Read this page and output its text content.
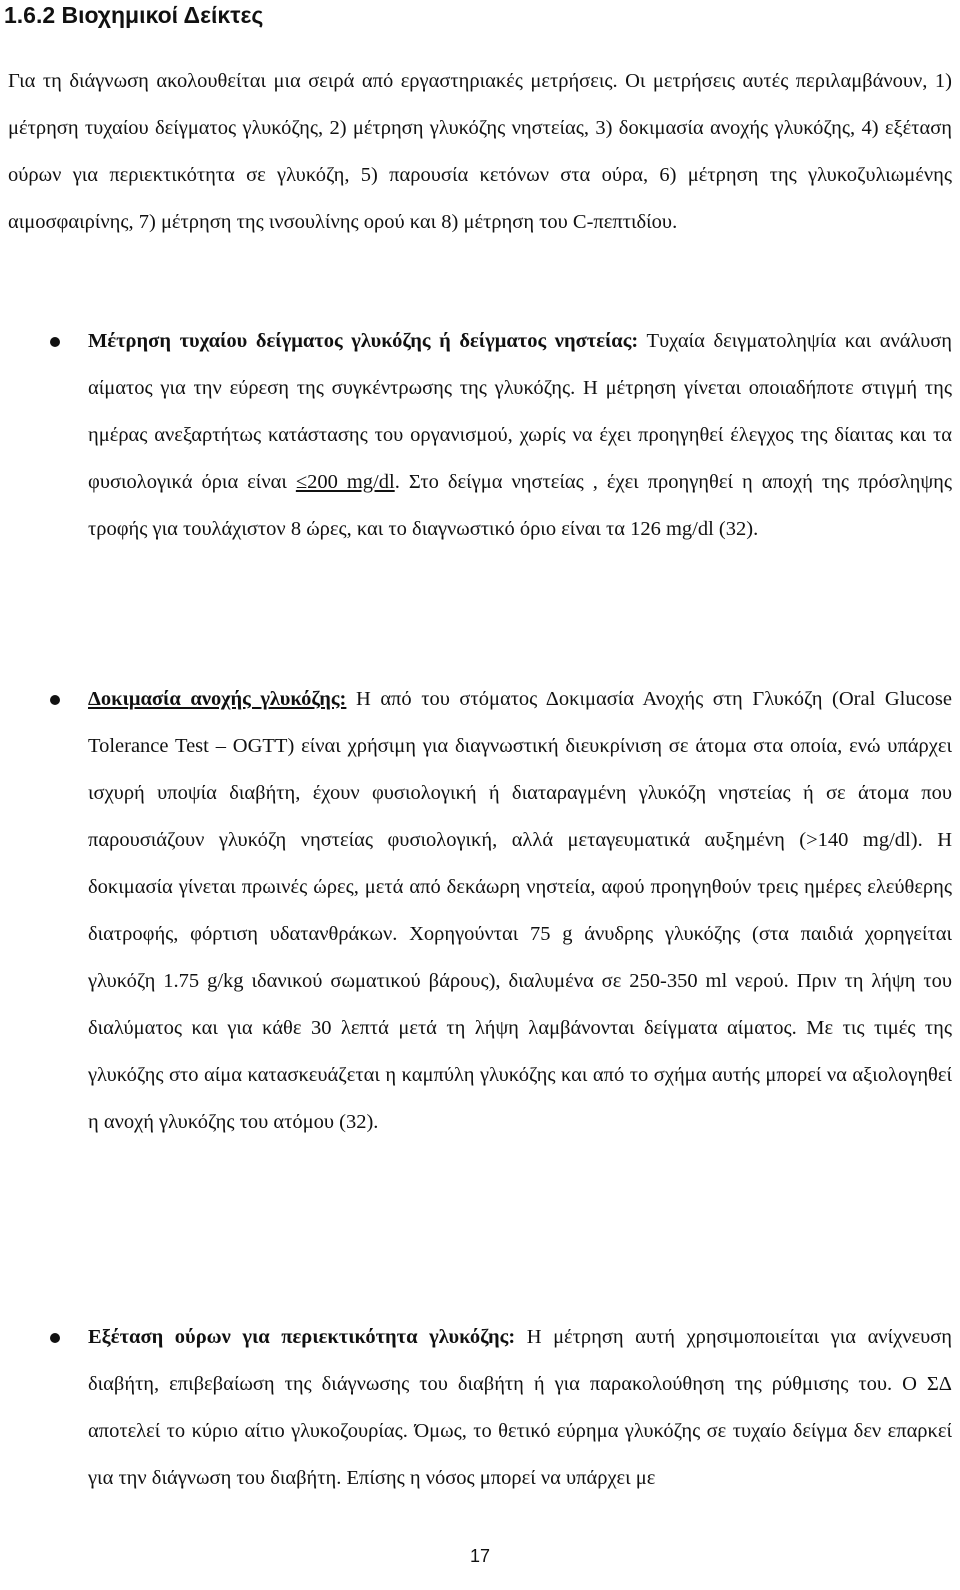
1.6.2 Βιοχημικοί Δείκτες

Για τη διάγνωση ακολουθείται μια σειρά από εργαστηριακές μετρήσεις. Οι μετρήσεις αυτές περιλαμβάνουν, 1) μέτρηση τυχαίου δείγματος γλυκόζης, 2) μέτρηση γλυκόζης νηστείας, 3) δοκιμασία ανοχής γλυκόζης, 4) εξέταση ούρων για περιεκτικότητα σε γλυκόζη, 5) παρουσία κετόνων στα ούρα, 6) μέτρηση της γλυκοζυλιωμένης αιμοσφαιρίνης, 7) μέτρηση της ινσουλίνης ορού και 8) μέτρηση του C-πεπτιδίου.

Μέτρηση τυχαίου δείγματος γλυκόζης ή δείγματος νηστείας: Τυχαία δειγματοληψία και ανάλυση αίματος για την εύρεση της συγκέντρωσης της γλυκόζης. Η μέτρηση γίνεται οποιαδήποτε στιγμή της ημέρας ανεξαρτήτως κατάστασης του οργανισμού, χωρίς να έχει προηγηθεί έλεγχος της δίαιτας και τα φυσιολογικά όρια είναι ≤200 mg/dl. Στο δείγμα νηστείας , έχει προηγηθεί η αποχή της πρόσληψης τροφής για τουλάχιστον 8 ώρες, και το διαγνωστικό όριο είναι τα 126 mg/dl (32).

Δοκιμασία ανοχής γλυκόζης: Η από του στόματος Δοκιμασία Ανοχής στη Γλυκόζη (Oral Glucose Tolerance Test – OGTT) είναι χρήσιμη για διαγνωστική διευκρίνιση σε άτομα στα οποία, ενώ υπάρχει ισχυρή υποψία διαβήτη, έχουν φυσιολογική ή διαταραγμένη γλυκόζη νηστείας ή σε άτομα που παρουσιάζουν γλυκόζη νηστείας φυσιολογική, αλλά μεταγευματικά αυξημένη (>140 mg/dl). Η δοκιμασία γίνεται πρωινές ώρες, μετά από δεκάωρη νηστεία, αφού προηγηθούν τρεις ημέρες ελεύθερης διατροφής, φόρτιση υδατανθράκων. Χορηγούνται 75 g άνυδρης γλυκόζης (στα παιδιά χορηγείται γλυκόζη 1.75 g/kg ιδανικού σωματικού βάρους), διαλυμένα σε 250-350 ml νερού. Πριν τη λήψη του διαλύματος και για κάθε 30 λεπτά μετά τη λήψη λαμβάνονται δείγματα αίματος. Με τις τιμές της γλυκόζης στο αίμα κατασκευάζεται η καμπύλη γλυκόζης και από το σχήμα αυτής μπορεί να αξιολογηθεί η ανοχή γλυκόζης του ατόμου (32).

Εξέταση ούρων για περιεκτικότητα γλυκόζης: Η μέτρηση αυτή χρησιμοποιείται για ανίχνευση διαβήτη, επιβεβαίωση της διάγνωσης του διαβήτη ή για παρακολούθηση της ρύθμισης του. Ο ΣΔ αποτελεί το κύριο αίτιο γλυκοζουρίας. Όμως, το θετικό εύρημα γλυκόζης σε τυχαίο δείγμα δεν επαρκεί για την διάγνωση του διαβήτη. Επίσης η νόσος μπορεί να υπάρχει με

17
